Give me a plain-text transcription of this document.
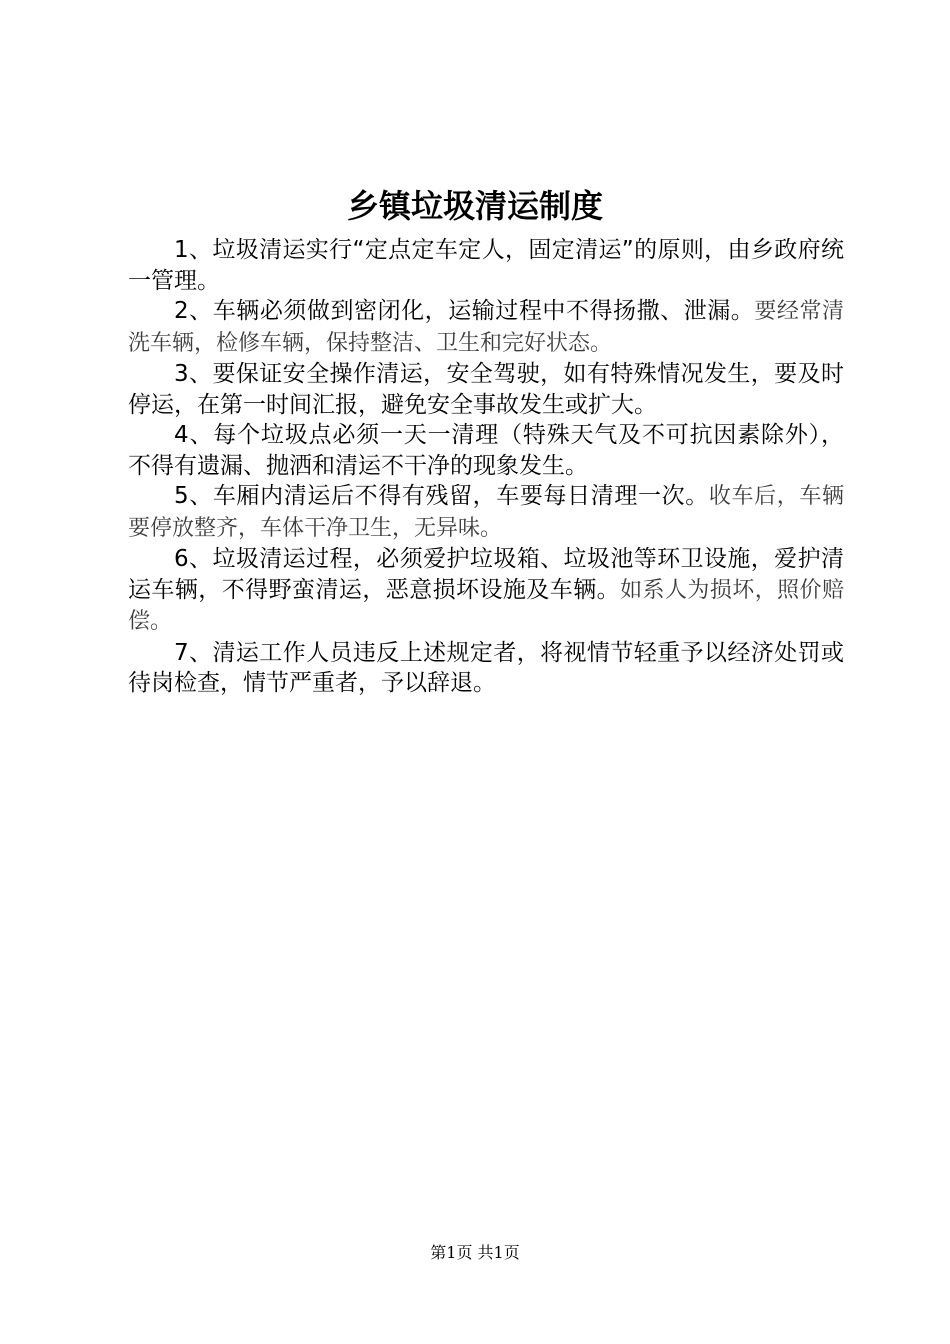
乡镇垃圾清运制度

1、垃圾清运实行“定点定车定人，固定清运”的原则，由乡政府统一管理。

2、车辆必须做到密闭化，运输过程中不得扬撒、泄漏。要经常清洗车辆，检修车辆，保持整洁、卫生和完好状态。

3、要保证安全操作清运，安全驾驶，如有特殊情况发生，要及时停运，在第一时间汇报，避免安全事故发生或扩大。

4、每个垃圾点必须一天一清理（特殊天气及不可抗因素除外），不得有遗漏、抛洒和清运不干净的现象发生。

5、车厢内清运后不得有残留，车要每日清理一次。收车后，车辆要停放整齐，车体干净卫生，无异味。

6、垃圾清运过程，必须爱护垃圾箱、垃圾池等环卫设施，爱护清运车辆，不得野蛮清运，恶意损坏设施及车辆。如系人为损坏，照价赔偿。

7、清运工作人员违反上述规定者，将视情节轻重予以经济处罚或待岗检查，情节严重者，予以辞退。

第1页 共1页
